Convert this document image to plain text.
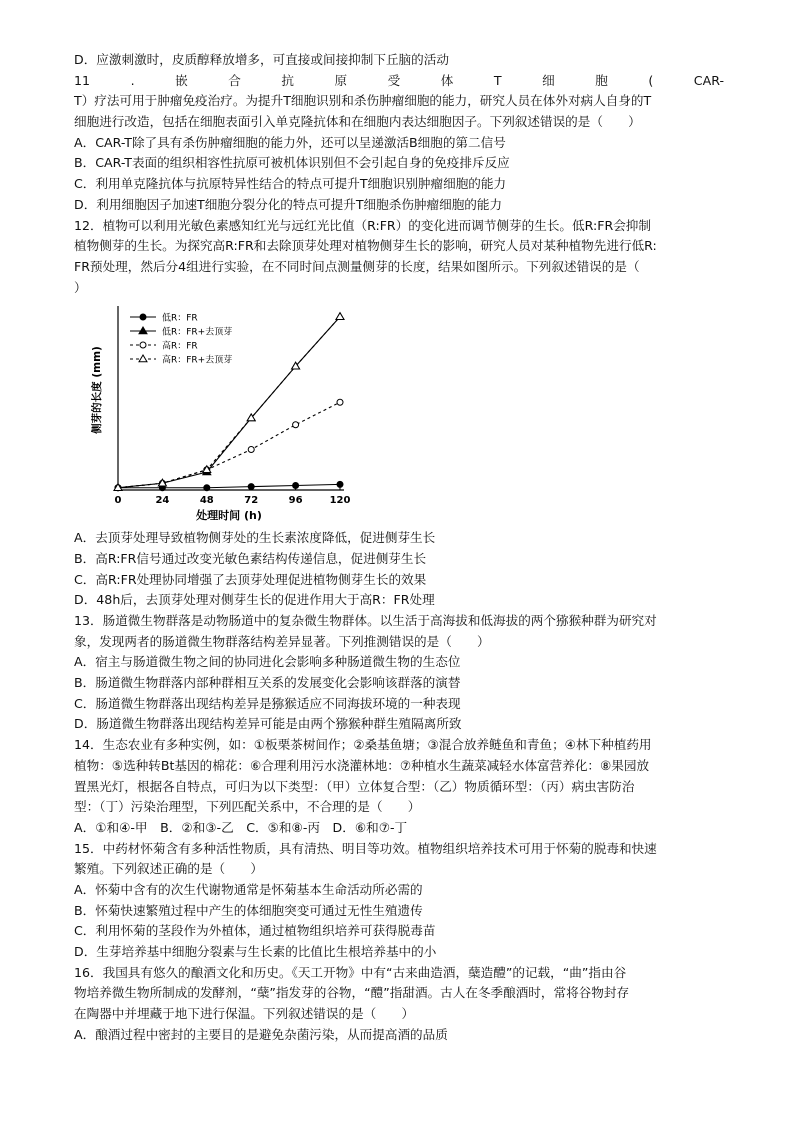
D．应激刺激时，皮质醇释放增多，可直接或间接抑制下丘脑的活动
11	.	嵌	合	抗	原	受	体	T	细	胞	(	CAR-
T）疗法可用于肿瘤免疫治疗。为提升T细胞识别和杀伤肿瘤细胞的能力，研究人员在体外对病人自身的T
细胞进行改造，包括在细胞表面引入单克隆抗体和在细胞内表达细胞因子。下列叙述错误的是（　　）
A．CAR-T除了具有杀伤肿瘤细胞的能力外，还可以呈递激活B细胞的第二信号
B．CAR-T表面的组织相容性抗原可被机体识别但不会引起自身的免疫排斥反应
C．利用单克隆抗体与抗原特异性结合的特点可提升T细胞识别肿瘤细胞的能力
D．利用细胞因子加速T细胞分裂分化的特点可提升T细胞杀伤肿瘤细胞的能力
12．植物可以利用光敏色素感知红光与远红光比值（R:FR）的变化进而调节侧芽的生长。低R:FR会抑制
植物侧芽的生长。为探究高R:FR和去除顶芽处理对植物侧芽生长的影响，研究人员对某种植物先进行低R:
FR预处理，然后分4组进行实验，在不同时间点测量侧芽的长度，结果如图所示。下列叙述错误的是（
）
0	24	48	72	96	120
处理时间 (h)
侧芽的长度 (mm)
低R：FR
低R：FR+去顶芽
高R：FR
高R：FR+去顶芽
A．去顶芽处理导致植物侧芽处的生长素浓度降低，促进侧芽生长
B．高R:FR信号通过改变光敏色素结构传递信息，促进侧芽生长
C．高R:FR处理协同增强了去顶芽处理促进植物侧芽生长的效果
D．48h后，去顶芽处理对侧芽生长的促进作用大于高R：FR处理
13．肠道微生物群落是动物肠道中的复杂微生物群体。以生活于高海拔和低海拔的两个猕猴种群为研究对
象，发现两者的肠道微生物群落结构差异显著。下列推测错误的是（　　）
A．宿主与肠道微生物之间的协同进化会影响多种肠道微生物的生态位
B．肠道微生物群落内部种群相互关系的发展变化会影响该群落的演替
C．肠道微生物群落出现结构差异是猕猴适应不同海拔环境的一种表现
D．肠道微生物群落出现结构差异可能是由两个猕猴种群生殖隔离所致
14．生态农业有多种实例，如：①板栗茶树间作；②桑基鱼塘；③混合放养鲢鱼和青鱼；④林下种植药用
植物：⑤选种转Bt基因的棉花：⑥合理利用污水浇灌林地：⑦种植水生蔬菜减轻水体富营养化：⑧果园放
置黑光灯，根据各自特点，可归为以下类型：（甲）立体复合型：（乙）物质循环型：（丙）病虫害防治
型：（丁）污染治理型，下列匹配关系中，不合理的是（　　）
A．①和④-甲　B．②和③-乙　C．⑤和⑧-丙　D．⑥和⑦-丁
15．中药材怀菊含有多种活性物质，具有清热、明目等功效。植物组织培养技术可用于怀菊的脱毒和快速
繁殖。下列叙述正确的是（　　）
A．怀菊中含有的次生代谢物通常是怀菊基本生命活动所必需的
B．怀菊快速繁殖过程中产生的体细胞突变可通过无性生殖遗传
C．利用怀菊的茎段作为外植体，通过植物组织培养可获得脱毒苗
D．生芽培养基中细胞分裂素与生长素的比值比生根培养基中的小
16．我国具有悠久的酿酒文化和历史。《天工开物》中有“古来曲造酒，蘖造醴”的记载，“曲”指由谷
物培养微生物所制成的发酵剂，“蘖”指发芽的谷物，“醴”指甜酒。古人在冬季酿酒时，常将谷物封存
在陶器中并埋藏于地下进行保温。下列叙述错误的是（　　）
A．酿酒过程中密封的主要目的是避免杂菌污染，从而提高酒的品质
